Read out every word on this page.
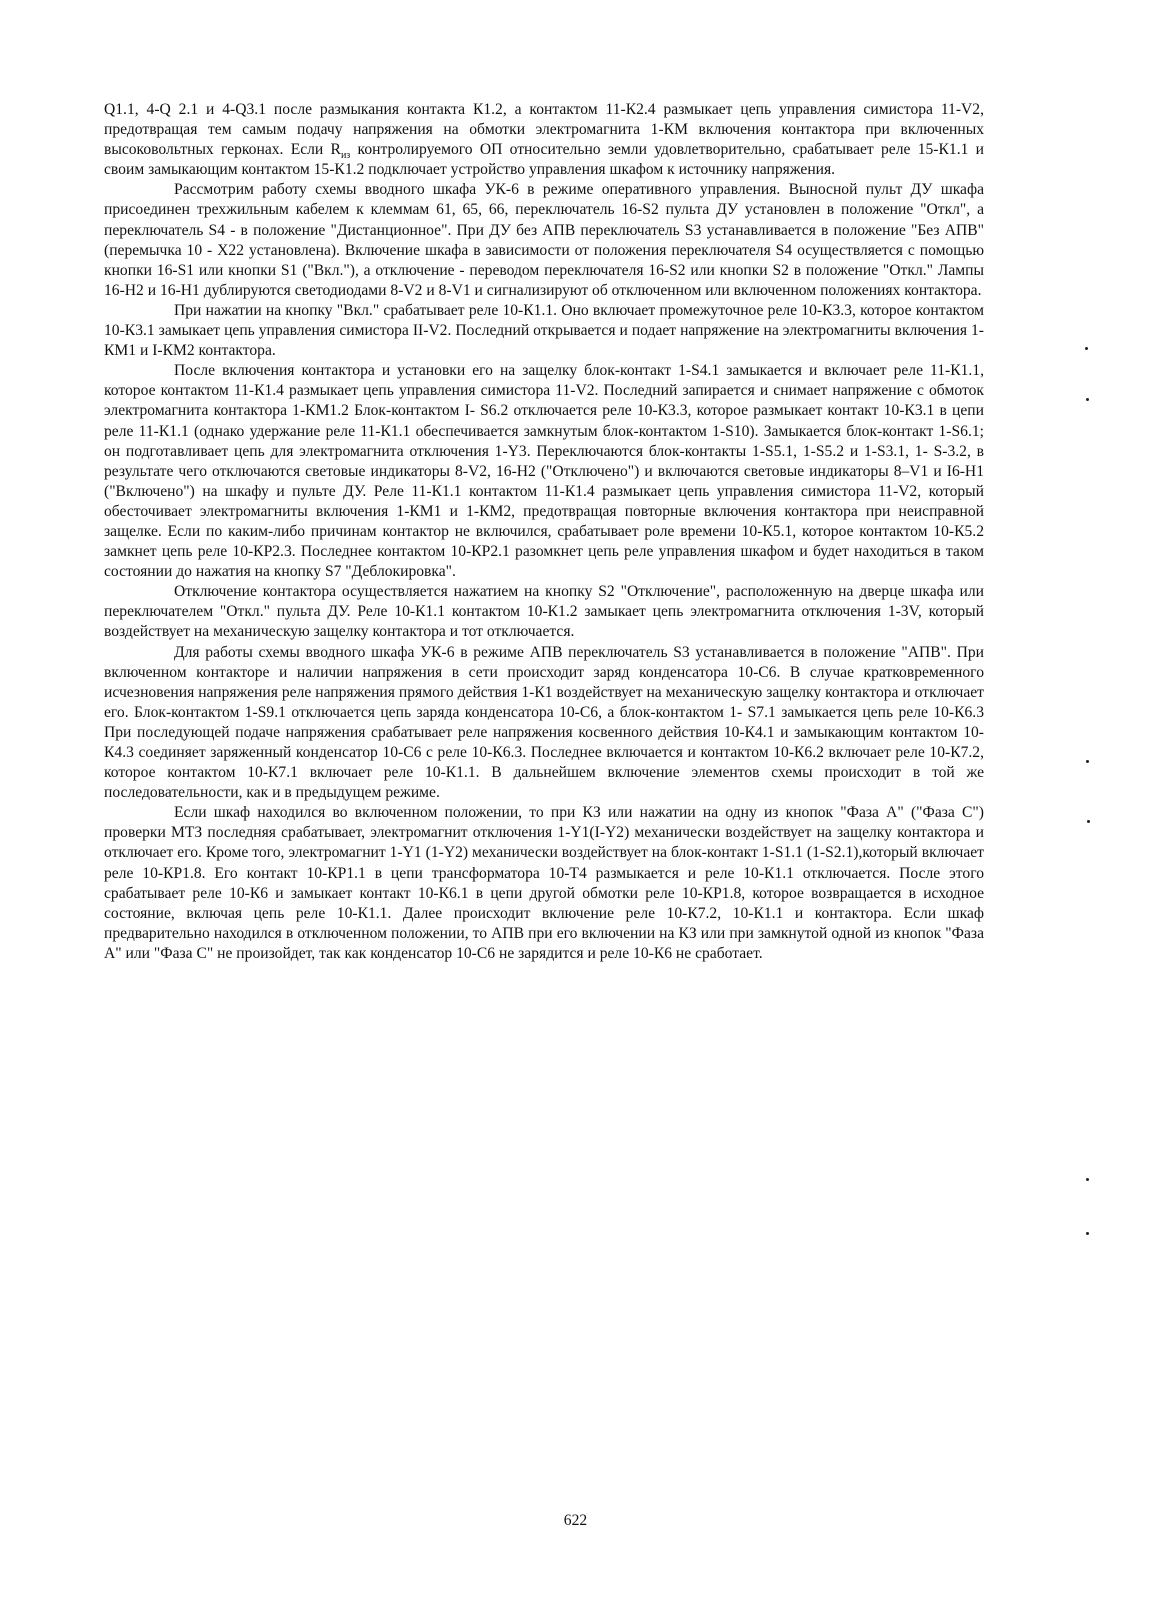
Q1.1, 4-Q 2.1 и 4-Q3.1 после размыкания контакта К1.2, а контактом 11-К2.4 размыкает цепь управления симистора 11-V2, предотвращая тем самым подачу напряжения на обмотки электромагнита 1-КМ включения контактора при включенных высоковольтных герконах. Если $R_{из}$ контролируемого ОП относительно земли удовлетворительно, срабатывает реле 15-К1.1 и своим замыкающим контактом 15-К1.2 подключает устройство управления шкафом к источнику напряжения.

Рассмотрим работу схемы вводного шкафа УК-6 в режиме оперативного управления. Выносной пульт ДУ шкафа присоединен трехжильным кабелем к клеммам 61, 65, 66, переключатель 16-S2 пульта ДУ установлен в положение "Откл", а переключатель S4 - в положение "Дистанционное". При ДУ без АПВ переключатель S3 устанавливается в положение "Без АПВ" (перемычка 10 - Х22 установлена). Включение шкафа в зависимости от положения переключателя S4 осуществляется с помощью кнопки 16-S1 или кнопки S1 ("Вкл."), а отключение - переводом переключателя 16-S2 или кнопки S2 в положение "Откл." Лампы 16-Н2 и 16-Н1 дублируются светодиодами 8-V2 и 8-V1 и сигнализируют об отключенном или включенном положениях контактора.

При нажатии на кнопку "Вкл." срабатывает реле 10-К1.1. Оно включает промежуточное реле 10-К3.3, которое контактом 10-К3.1 замыкает цепь управления симистора II-V2. Последний открывается и подает напряжение на электромагниты включения 1-КМ1 и I-КМ2 контактора.

После включения контактора и установки его на защелку блок-контакт 1-S4.1 замыкается и включает реле 11-К1.1, которое контактом 11-К1.4 размыкает цепь управления симистора 11-V2. Последний запирается и снимает напряжение с обмоток электромагнита контактора 1-КМ1.2 Блок-контактом I- S6.2 отключается реле 10-К3.3, которое размыкает контакт 10-К3.1 в цепи реле 11-К1.1 (однако удержание реле 11-К1.1 обеспечивается замкнутым блок-контактом 1-S10). Замыкается блок-контакт 1-S6.1; он подготавливает цепь для электромагнита отключения 1-Y3. Переключаются блок-контакты 1-S5.1, 1-S5.2 и 1-S3.1, 1- S-3.2, в результате чего отключаются световые индикаторы 8-V2, 16-Н2 ("Отключено") и включаются световые индикаторы 8–V1 и I6-Н1 ("Включено") на шкафу и пульте ДУ. Реле 11-К1.1 контактом 11-К1.4 размыкает цепь управления симистора 11-V2, который обесточивает электромагниты включения 1-КМ1 и 1-КМ2, предотвращая повторные включения контактора при неисправной защелке. Если по каким-либо причинам контактор не включился, срабатывает роле времени 10-К5.1, которое контактом 10-К5.2 замкнет цепь реле 10-КР2.3. Последнее контактом 10-КР2.1 разомкнет цепь реле управления шкафом и будет находиться в таком состоянии до нажатия на кнопку S7 "Деблокировка".

Отключение контактора осуществляется нажатием на кнопку S2 "Отключение", расположенную на дверце шкафа или переключателем "Откл." пульта ДУ. Реле 10-К1.1 контактом 10-К1.2 замыкает цепь электромагнита отключения 1-3V, который воздействует на механическую защелку контактора и тот отключается.

Для работы схемы вводного шкафа УК-6 в режиме АПВ переключатель S3 устанавливается в положение "АПВ". При включенном контакторе и наличии напряжения в сети происходит заряд конденсатора 10-С6. В случае кратковременного исчезновения напряжения реле напряжения прямого действия 1-К1 воздействует на механическую защелку контактора и отключает его. Блок-контактом 1-S9.1 отключается цепь заряда конденсатора 10-С6, а блок-контактом 1- S7.1 замыкается цепь реле 10-К6.3 При последующей подаче напряжения срабатывает реле напряжения косвенного действия 10-К4.1 и замыкающим контактом 10-К4.3 соединяет заряженный конденсатор 10-С6 с реле 10-К6.3. Последнее включается и контактом 10-К6.2 включает реле 10-К7.2, которое контактом 10-К7.1 включает реле 10-К1.1. В дальнейшем включение элементов схемы происходит в той же последовательности, как и в предыдущем режиме.

Если шкаф находился во включенном положении, то при КЗ или нажатии на одну из кнопок "Фаза А" ("Фаза С") проверки МТЗ последняя срабатывает, электромагнит отключения 1-Y1(I-Y2) механически воздействует на защелку контактора и отключает его. Кроме того, электромагнит 1-Y1 (1-Y2) механически воздействует на блок-контакт 1-S1.1 (1-S2.1),который включает реле 10-КР1.8. Его контакт 10-КР1.1 в цепи трансформатора 10-Т4 размыкается и реле 10-К1.1 отключается. После этого срабатывает реле 10-К6 и замыкает контакт 10-К6.1 в цепи другой обмотки реле 10-КР1.8, которое возвращается в исходное состояние, включая цепь реле 10-К1.1. Далее происходит включение реле 10-К7.2, 10-К1.1 и контактора. Если шкаф предварительно находился в отключенном положении, то АПВ при его включении на КЗ или при замкнутой одной из кнопок "Фаза А" или "Фаза С" не произойдет, так как конденсатор 10-С6 не зарядится и реле 10-К6 не сработает.

622
